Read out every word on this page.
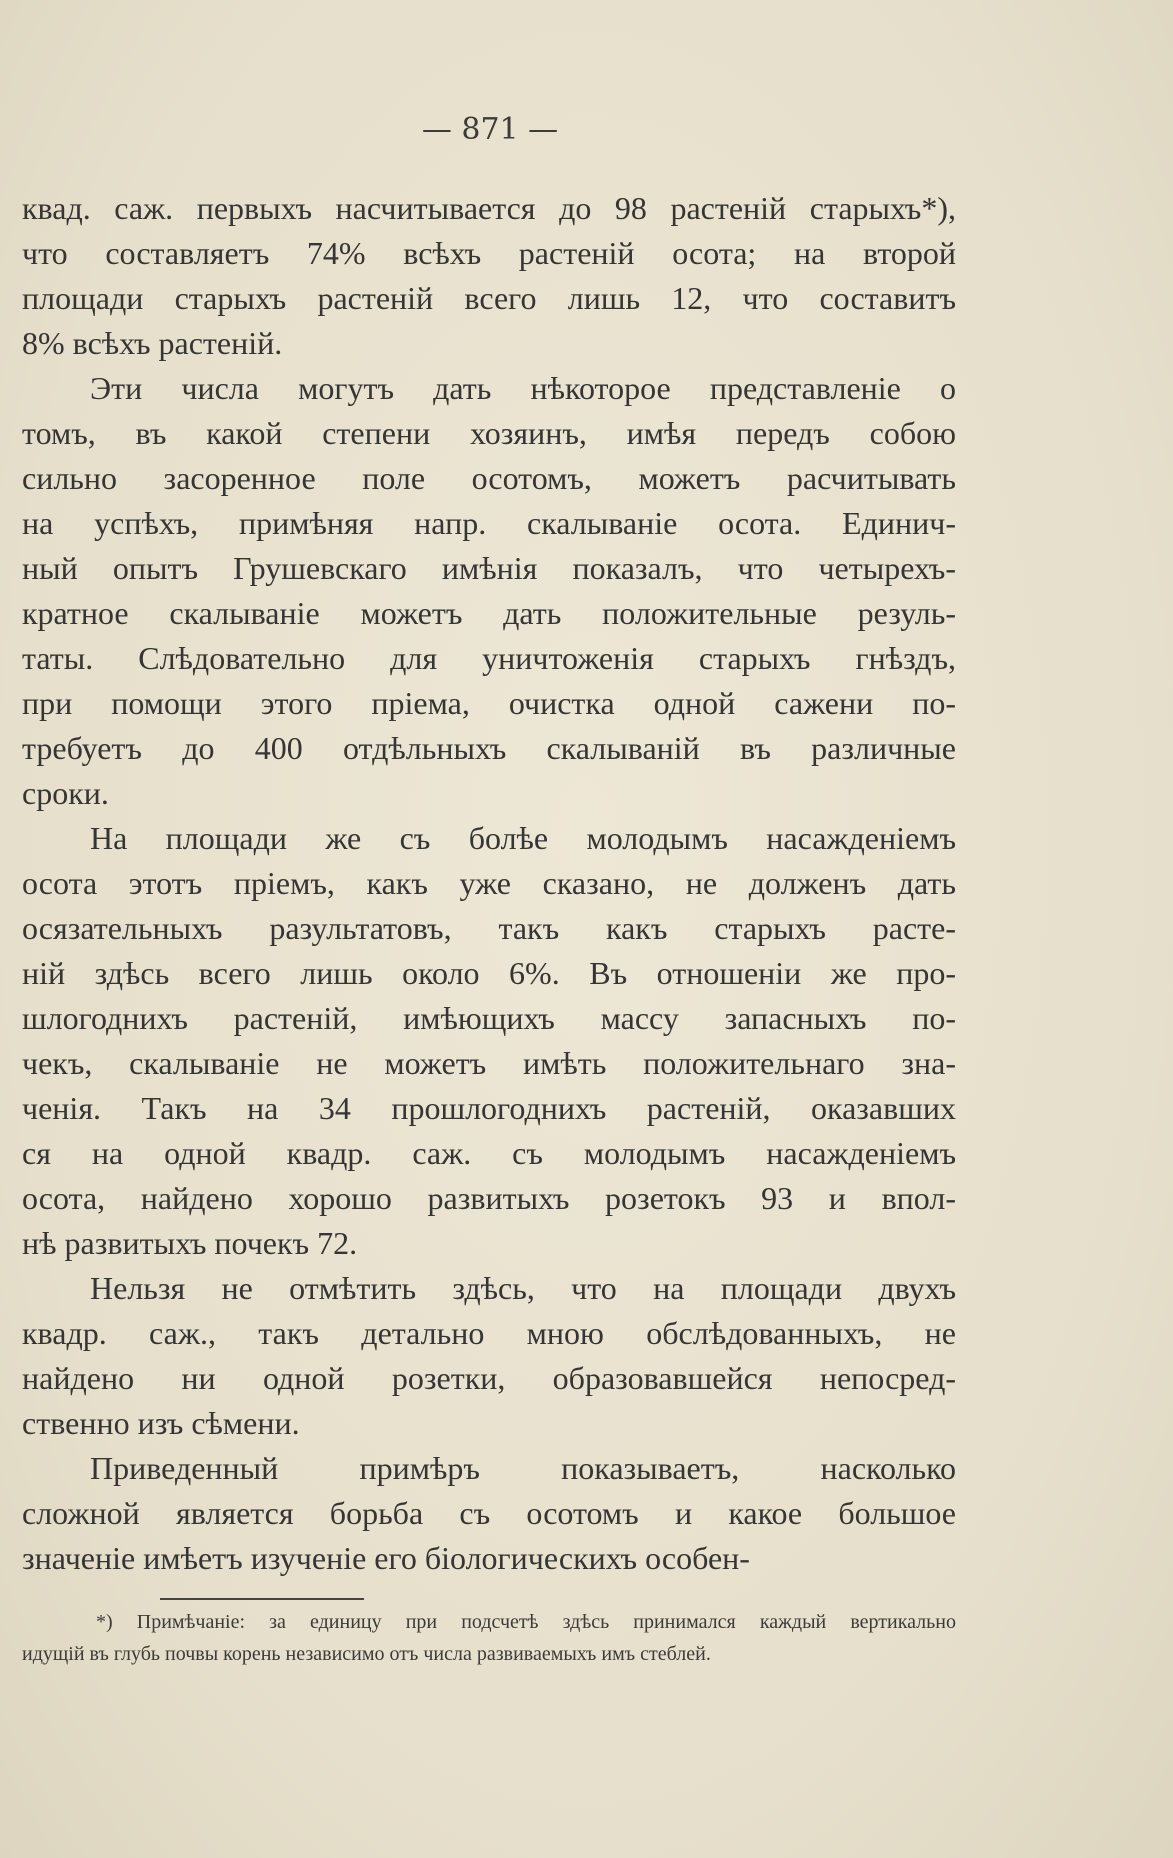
— 871 —
квад. саж. первыхъ насчитывается до 98 растеній старыхъ*),
что составляетъ 74% всѣхъ растеній осота; на второй
площади старыхъ растеній всего лишь 12, что составитъ
8% всѣхъ растеній.
Эти числа могутъ дать нѣкоторое представленіе о
томъ, въ какой степени хозяинъ, имѣя передъ собою
сильно засоренное поле осотомъ, можетъ расчитывать
на успѣхъ, примѣняя напр. скалываніе осота. Единич-
ный опытъ Грушевскаго имѣнія показалъ, что четырехъ-
кратное скалываніе можетъ дать положительные резуль-
таты. Слѣдовательно для уничтоженія старыхъ гнѣздъ,
при помощи этого пріема, очистка одной сажени по-
требуетъ до 400 отдѣльныхъ скалываній въ различные
сроки.
На площади же съ болѣе молодымъ насажденіемъ
осота этотъ пріемъ, какъ уже сказано, не долженъ дать
осязательныхъ разультатовъ, такъ какъ старыхъ расте-
ній здѣсь всего лишь около 6%. Въ отношеніи же про-
шлогоднихъ растеній, имѣющихъ массу запасныхъ по-
чекъ, скалываніе не можетъ имѣть положительнаго зна-
ченія. Такъ на 34 прошлогоднихъ растеній, оказавших
ся на одной квадр. саж. съ молодымъ насажденіемъ
осота, найдено хорошо развитыхъ розетокъ 93 и впол-
нѣ развитыхъ почекъ 72.
Нельзя не отмѣтить здѣсь, что на площади двухъ
квадр. саж., такъ детально мною обслѣдованныхъ, не
найдено ни одной розетки, образовавшейся непосред-
ственно изъ сѣмени.
Приведенный примѣръ показываетъ, насколько
сложной является борьба съ осотомъ и какое большое
значеніе имѣетъ изученіе его біологическихъ особен-
*) Примѣчаніе: за единицу при подсчетѣ здѣсь принимался каждый вертикально
идущій въ глубь почвы корень независимо отъ числа развиваемыхъ имъ стеблей.
